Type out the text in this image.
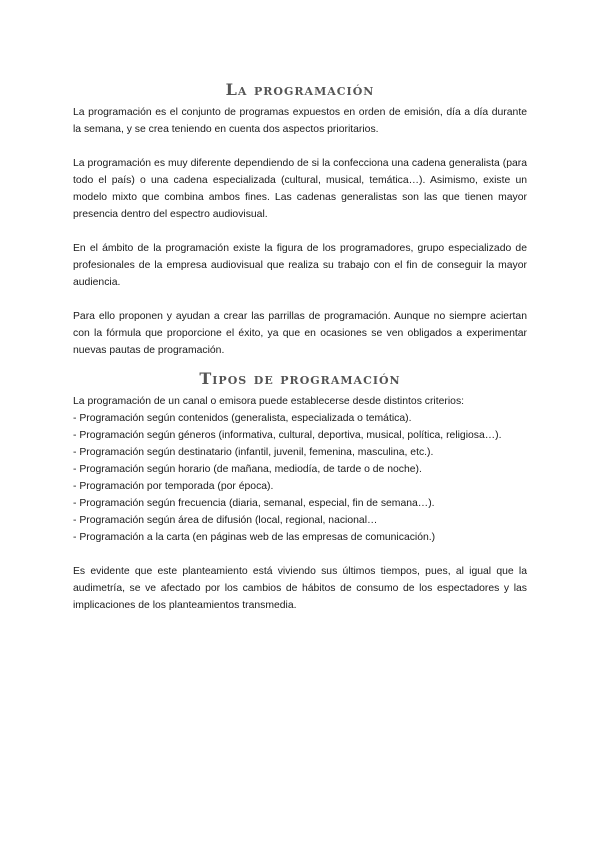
La programación

La programación es el conjunto de programas expuestos en orden de emisión, día a día durante la semana, y se crea teniendo en cuenta dos aspectos prioritarios.

La programación es muy diferente dependiendo de si la confecciona una cadena generalista (para todo el país) o una cadena especializada (cultural, musical, temática…). Asimismo, existe un modelo mixto que combina ambos fines. Las cadenas generalistas son las que tienen mayor presencia dentro del espectro audiovisual.

En el ámbito de la programación existe la figura de los programadores, grupo especializado de profesionales de la empresa audiovisual que realiza su trabajo con el fin de conseguir la mayor audiencia.

Para ello proponen y ayudan a crear las parrillas de programación. Aunque no siempre aciertan con la fórmula que proporcione el éxito, ya que en ocasiones se ven obligados a experimentar nuevas pautas de programación.

Tipos de programación

La programación de un canal o emisora puede establecerse desde distintos criterios:

- Programación según contenidos (generalista, especializada o temática).
- Programación según géneros (informativa, cultural, deportiva, musical, política, religiosa…).
- Programación según destinatario (infantil, juvenil, femenina, masculina, etc.).
- Programación según horario (de mañana, mediodía, de tarde o de noche).
- Programación por temporada (por época).
- Programación según frecuencia (diaria, semanal, especial, fin de semana…).
- Programación según área de difusión (local, regional, nacional…
- Programación a la carta (en páginas web de las empresas de comunicación.)

Es evidente que este planteamiento está viviendo sus últimos tiempos, pues, al igual que la audimetría, se ve afectado por los cambios de hábitos de consumo de los espectadores y las implicaciones de los planteamientos transmedia.
